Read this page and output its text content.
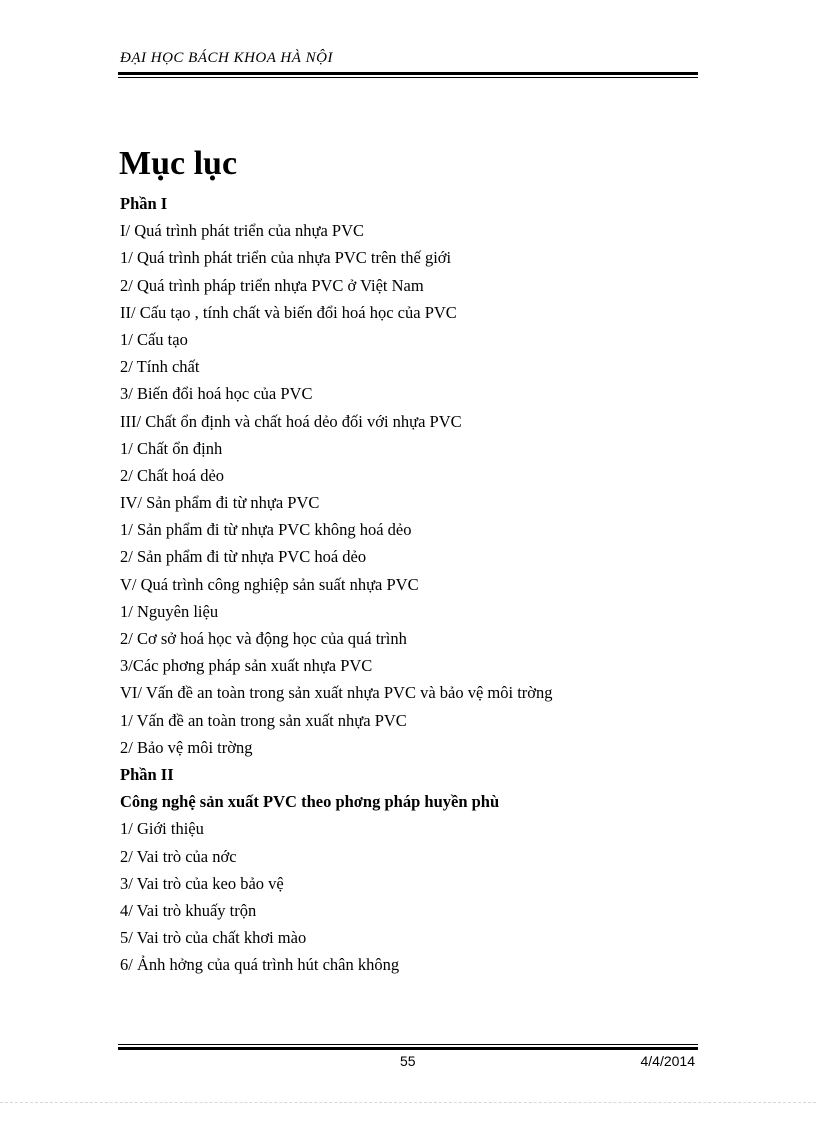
ĐẠI HỌC BÁCH KHOA HÀ NỘI
Mục lục
Phần I
I/ Quá trình phát triển của nhựa PVC
1/ Quá trình phát triển của nhựa PVC trên thế giới
2/ Quá trình pháp triển nhựa PVC ở Việt Nam
II/ Cấu tạo , tính chất và biến đổi hoá học của PVC
1/ Cấu tạo
2/ Tính chất
3/ Biến đổi hoá học của PVC
III/ Chất ổn định và chất hoá dẻo đối với nhựa PVC
1/ Chất ổn định
2/ Chất hoá dẻo
IV/ Sản phẩm đi từ nhựa PVC
1/ Sản phẩm đi từ nhựa PVC không hoá dẻo
2/ Sản phẩm đi từ nhựa PVC hoá dẻo
V/ Quá trình công nghiệp sản suất nhựa PVC
1/ Nguyên liệu
2/ Cơ sở hoá học và động học của quá trình
3/Các phơng pháp sản xuất nhựa PVC
VI/ Vấn đề an toàn trong sản xuất nhựa PVC và bảo vệ môi trờng
1/ Vấn đề an toàn trong sản xuất nhựa PVC
2/ Bảo vệ môi trờng
Phần II
Công nghệ sản xuất PVC theo phơng pháp huyền phù
1/ Giới thiệu
2/ Vai trò của nớc
3/ Vai trò của keo bảo vệ
4/ Vai trò khuấy trộn
5/ Vai trò của chất khơi mào
6/ Ảnh hởng của quá trình hút chân không
55	4/4/2014
